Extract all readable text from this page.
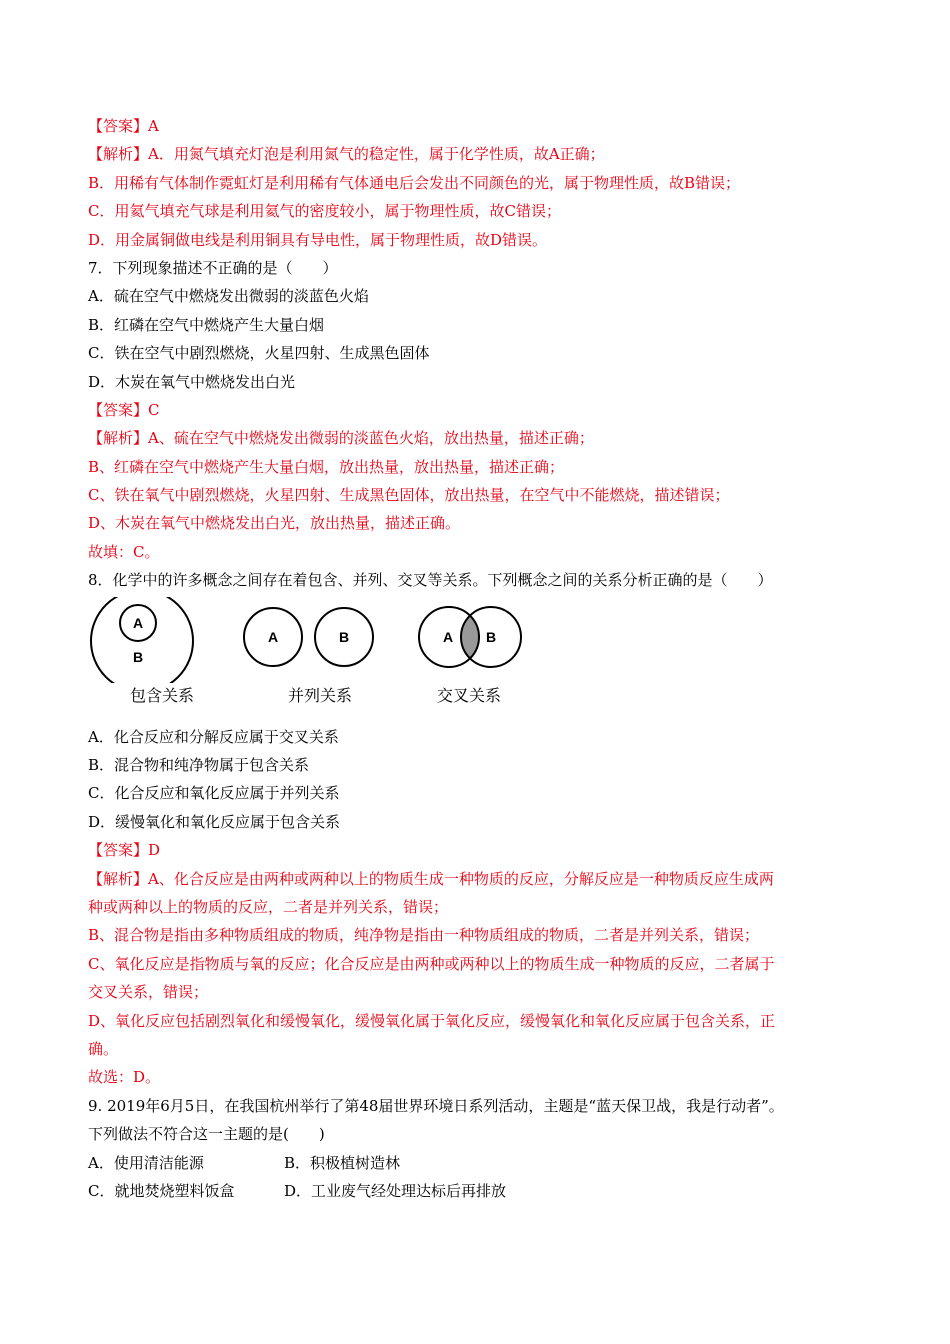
【答案】A
【解析】A．用氮气填充灯泡是利用氮气的稳定性，属于化学性质，故A正确；
B．用稀有气体制作霓虹灯是利用稀有气体通电后会发出不同颜色的光，属于物理性质，故B错误；
C．用氦气填充气球是利用氦气的密度较小，属于物理性质，故C错误；
D．用金属铜做电线是利用铜具有导电性，属于物理性质，故D错误。
7．下列现象描述不正确的是（　　）
A．硫在空气中燃烧发出微弱的淡蓝色火焰
B．红磷在空气中燃烧产生大量白烟
C．铁在空气中剧烈燃烧，火星四射、生成黑色固体
D．木炭在氧气中燃烧发出白光
【答案】C
【解析】A、硫在空气中燃烧发出微弱的淡蓝色火焰，放出热量，描述正确；
B、红磷在空气中燃烧产生大量白烟，放出热量，放出热量，描述正确；
C、铁在氧气中剧烈燃烧，火星四射、生成黑色固体，放出热量，在空气中不能燃烧，描述错误；
D、木炭在氧气中燃烧发出白光，放出热量，描述正确。
故填：C。
8．化学中的许多概念之间存在着包含、并列、交叉等关系。下列概念之间的关系分析正确的是（　　）
A
B
A	B	A B
包含关系	并列关系	交叉关系
A．化合反应和分解反应属于交叉关系
B．混合物和纯净物属于包含关系
C．化合反应和氧化反应属于并列关系
D．缓慢氧化和氧化反应属于包含关系
【答案】D
【解析】A、化合反应是由两种或两种以上的物质生成一种物质的反应，分解反应是一种物质反应生成两
种或两种以上的物质的反应，二者是并列关系，错误；
B、混合物是指由多种物质组成的物质，纯净物是指由一种物质组成的物质，二者是并列关系，错误；
C、氧化反应是指物质与氧的反应；化合反应是由两种或两种以上的物质生成一种物质的反应，二者属于
交叉关系，错误；
D、氧化反应包括剧烈氧化和缓慢氧化，缓慢氧化属于氧化反应，缓慢氧化和氧化反应属于包含关系，正
确。
故选：D。
9. 2019年6月5日，在我国杭州举行了第48届世界环境日系列活动，主题是“蓝天保卫战，我是行动者”。
下列做法不符合这一主题的是(　　)
A．使用清洁能源	B．积极植树造林
C．就地焚烧塑料饭盒	D．工业废气经处理达标后再排放
